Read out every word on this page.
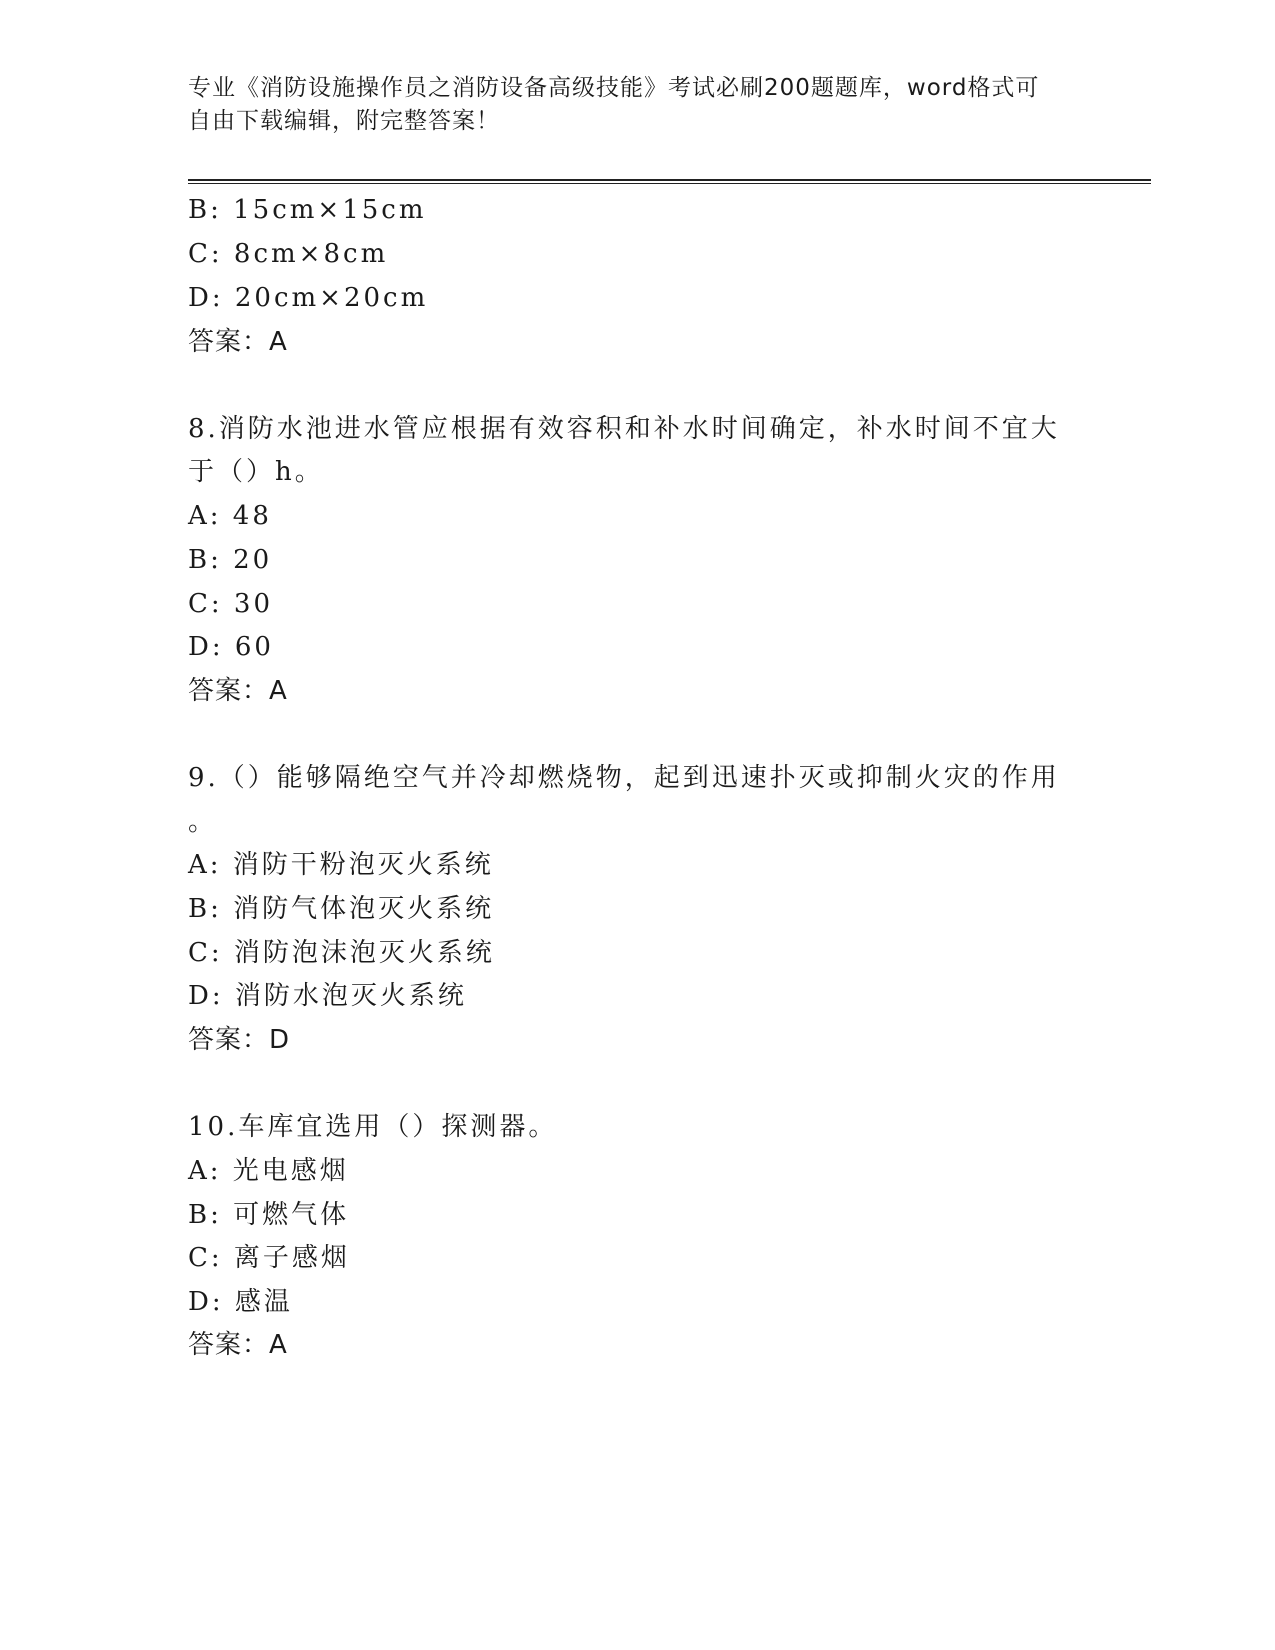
专业《消防设施操作员之消防设备高级技能》考试必刷200题题库，word格式可
自由下载编辑，附完整答案！
B: 15cm×15cm
C: 8cm×8cm
D: 20cm×20cm
答案：A
8.消防水池进水管应根据有效容积和补水时间确定，补水时间不宜大
于（）h。
A: 48
B: 20
C: 30
D: 60
答案：A
9.（）能够隔绝空气并冷却燃烧物，起到迅速扑灭或抑制火灾的作用
。
A: 消防干粉泡灭火系统
B: 消防气体泡灭火系统
C: 消防泡沫泡灭火系统
D: 消防水泡灭火系统
答案：D
10.车库宜选用（）探测器。
A: 光电感烟
B: 可燃气体
C: 离子感烟
D: 感温
答案：A
